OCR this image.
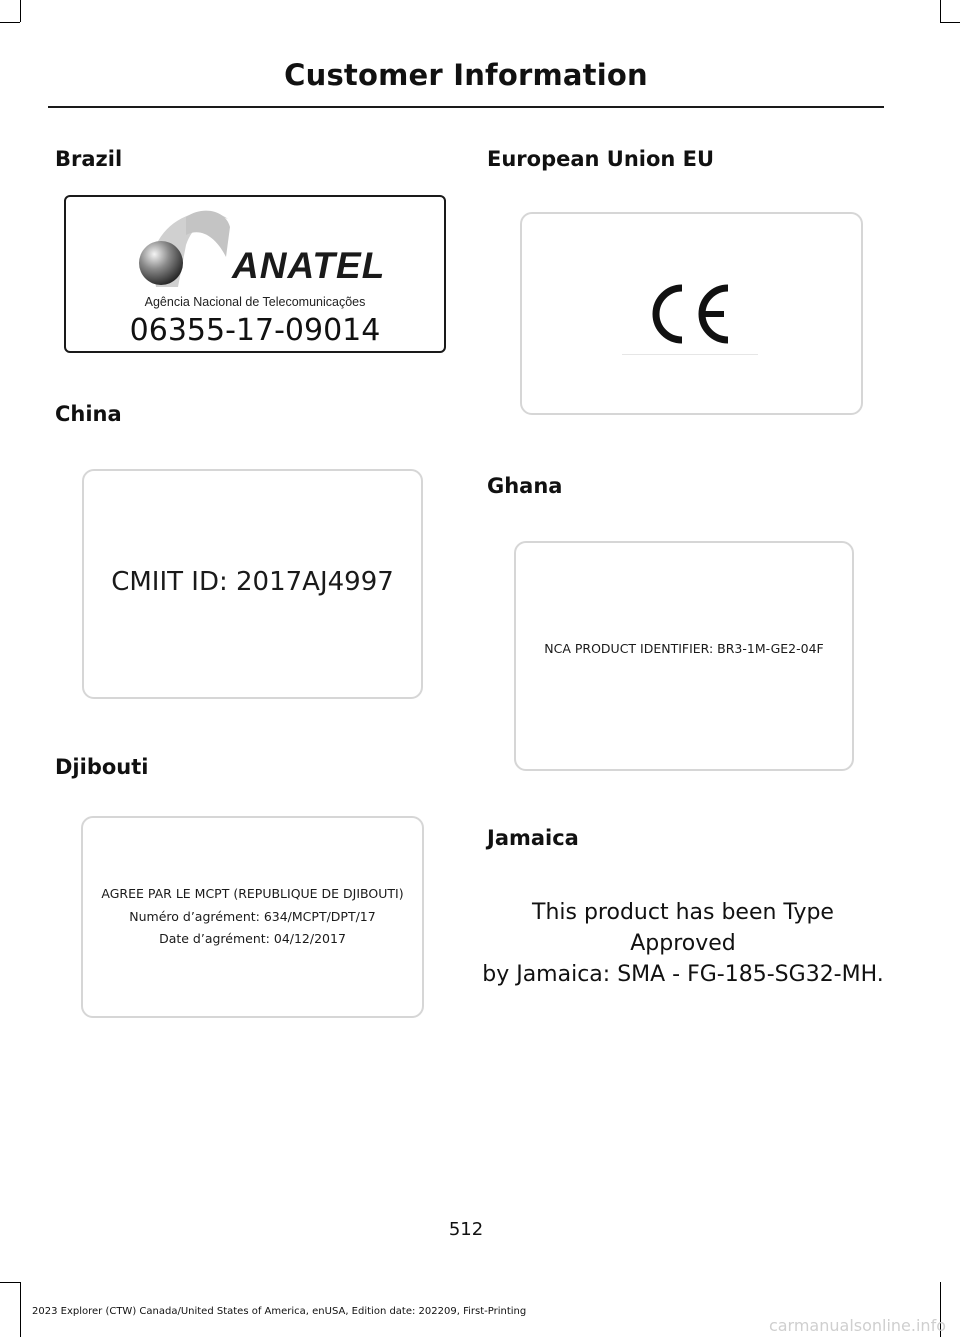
Customer Information
Brazil
ANATEL
Agência Nacional de Telecomunicações
06355-17-09014
China
CMIIT ID: 2017AJ4997
Djibouti
AGREE PAR LE MCPT (REPUBLIQUE DE DJIBOUTI)
Numéro d’agrément: 634/MCPT/DPT/17
Date d’agrément: 04/12/2017
European Union EU
Ghana
NCA PRODUCT IDENTIFIER: BR3-1M-GE2-04F
Jamaica
This product has been Type Approved
by Jamaica: SMA - FG-185-SG32-MH.
512
2023 Explorer (CTW) Canada/United States of America, enUSA, Edition date: 202209, First-Printing
carmanualsonline.info
